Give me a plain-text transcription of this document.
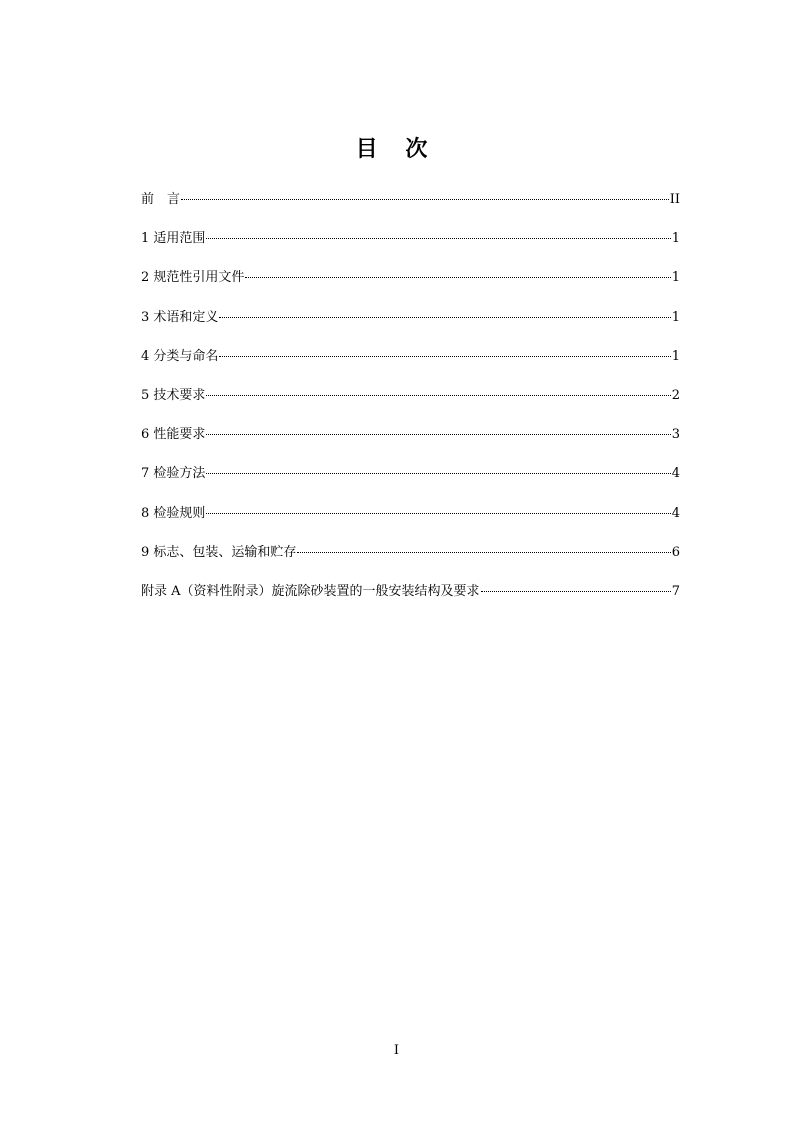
目 次
前　言	II
1 适用范围	1
2 规范性引用文件	1
3 术语和定义	1
4 分类与命名	1
5 技术要求	2
6 性能要求	3
7 检验方法	4
8 检验规则	4
9 标志、包装、运输和贮存	6
附录 A（资料性附录）旋流除砂装置的一般安装结构及要求	7
I
